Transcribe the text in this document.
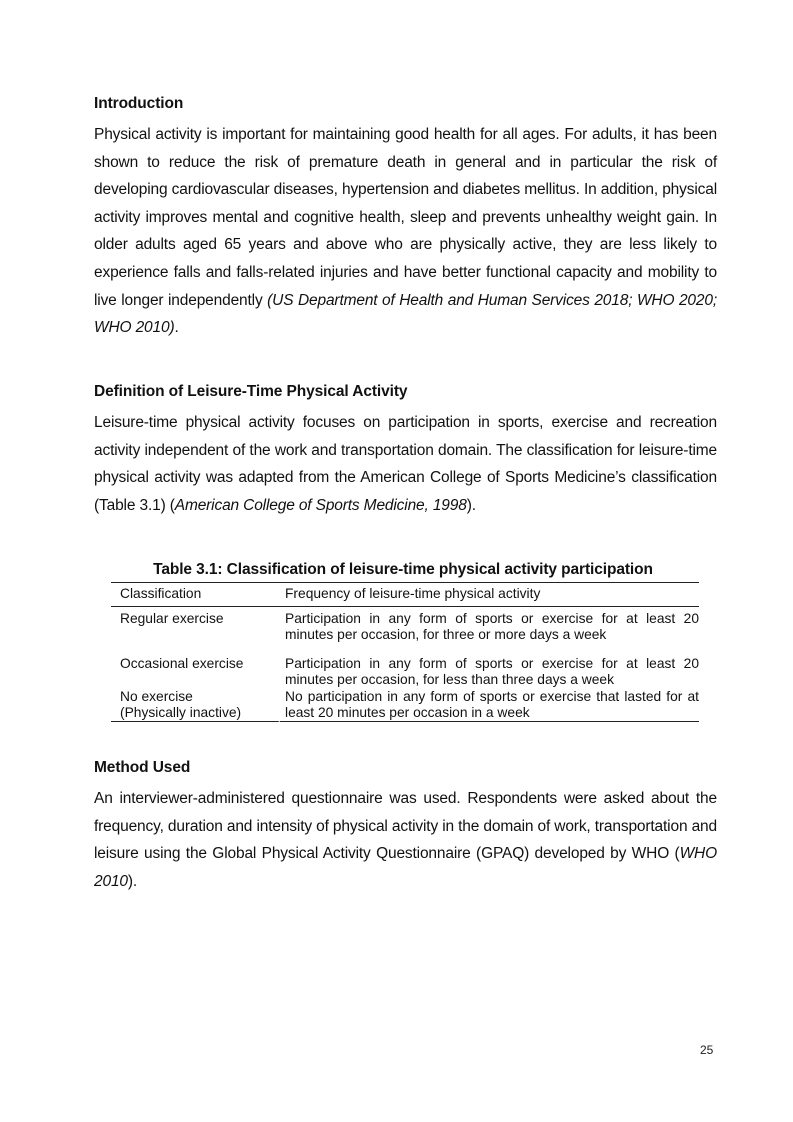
Introduction

Physical activity is important for maintaining good health for all ages. For adults, it has been shown to reduce the risk of premature death in general and in particular the risk of developing cardiovascular diseases, hypertension and diabetes mellitus. In addition, physical activity improves mental and cognitive health, sleep and prevents unhealthy weight gain. In older adults aged 65 years and above who are physically active, they are less likely to experience falls and falls-related injuries and have better functional capacity and mobility to live longer independently (US Department of Health and Human Services 2018; WHO 2020; WHO 2010).

Definition of Leisure-Time Physical Activity

Leisure-time physical activity focuses on participation in sports, exercise and recreation activity independent of the work and transportation domain. The classification for leisure-time physical activity was adapted from the American College of Sports Medicine’s classification (Table 3.1) (American College of Sports Medicine, 1998).

Table 3.1: Classification of leisure-time physical activity participation
Classification	Frequency of leisure-time physical activity
Regular exercise	Participation in any form of sports or exercise for at least 20 minutes per occasion, for three or more days a week
Occasional exercise	Participation in any form of sports or exercise for at least 20 minutes per occasion, for less than three days a week
No exercise
(Physically inactive)	No participation in any form of sports or exercise that lasted for at least 20 minutes per occasion in a week
Method Used

An interviewer-administered questionnaire was used. Respondents were asked about the frequency, duration and intensity of physical activity in the domain of work, transportation and leisure using the Global Physical Activity Questionnaire (GPAQ) developed by WHO (WHO 2010).

25
